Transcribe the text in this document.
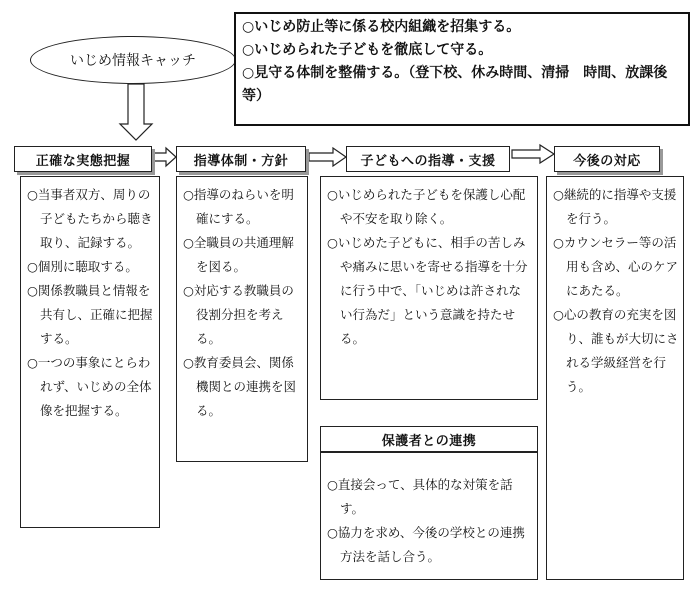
いじめ情報キャッチ
○いじめ防止等に係る校内組織を招集する。
○いじめられた子どもを徹底して守る。
○見守る体制を整備する。（登下校、休み時間、清掃　時間、放課後等）
正確な実態把握
○当事者双方、周りの子どもたちから聴き取り、記録する。
○個別に聴取する。
○関係教職員と情報を共有し、正確に把握する。
○一つの事象にとらわれず、いじめの全体像を把握する。
指導体制・方針
○指導のねらいを明確にする。
○全職員の共通理解を図る。
○対応する教職員の役割分担を考える。
○教育委員会、関係機関との連携を図る。
子どもへの指導・支援
○いじめられた子どもを保護し心配や不安を取り除く。
○いじめた子どもに、相手の苦しみや痛みに思いを寄せる指導を十分に行う中で、「いじめは許されない行為だ」という意識を持たせる。
保護者との連携
○直接会って、具体的な対策を話す。
○協力を求め、今後の学校との連携方法を話し合う。
今後の対応
○継続的に指導や支援を行う。
○カウンセラー等の活用も含め、心のケアにあたる。
○心の教育の充実を図り、誰もが大切にされる学級経営を行う。
